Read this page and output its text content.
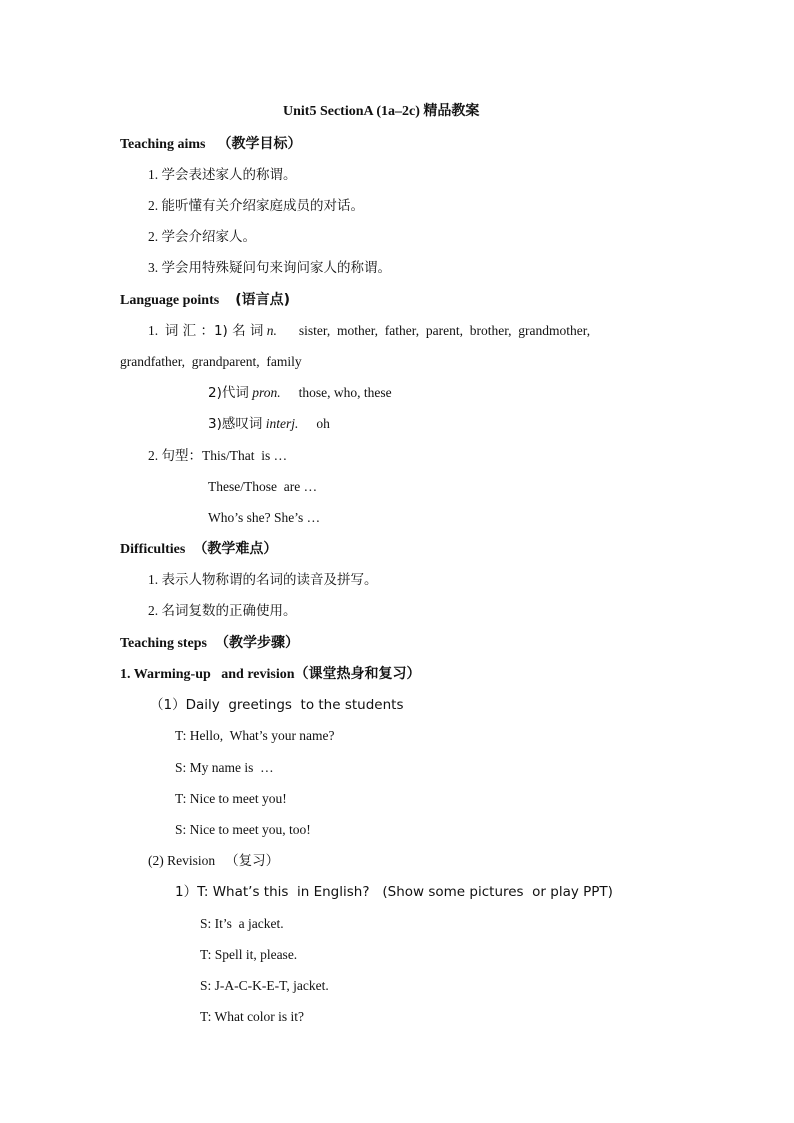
Unit5 SectionA (1a–2c) 精品教案
Teaching aims （教学目标）
1. 学会表述家人的称谓。
2. 能听懂有关介绍家庭成员的对话。
2. 学会介绍家人。
3. 学会用特殊疑问句来询问家人的称谓。
Language points (语言点)
1. 词 汇 ：1) 名 词 n. sister,  mother,  father,  parent,  brother,  grandmother,
grandfather,  grandparent,  family
2)代词 pron. those, who, these
3)感叹词 interj. oh
2. 句型：This/That  is …
These/Those  are …
Who’s she? She’s …
Difficulties （教学难点）
1. 表示人物称谓的名词的读音及拼写。
2. 名词复数的正确使用。
Teaching steps （教学步骤）
1. Warming-up   and revision（课堂热身和复习）
（1）Daily  greetings  to the students
T: Hello,  What’s your name?
S: My name is  …
T: Nice to meet you!
S: Nice to meet you, too!
(2) Revision （复习）
1）T: What’s this  in English?   (Show some pictures  or play PPT)
S: It’s  a jacket.
T: Spell it, please.
S: J-A-C-K-E-T, jacket.
T: What color is it?
